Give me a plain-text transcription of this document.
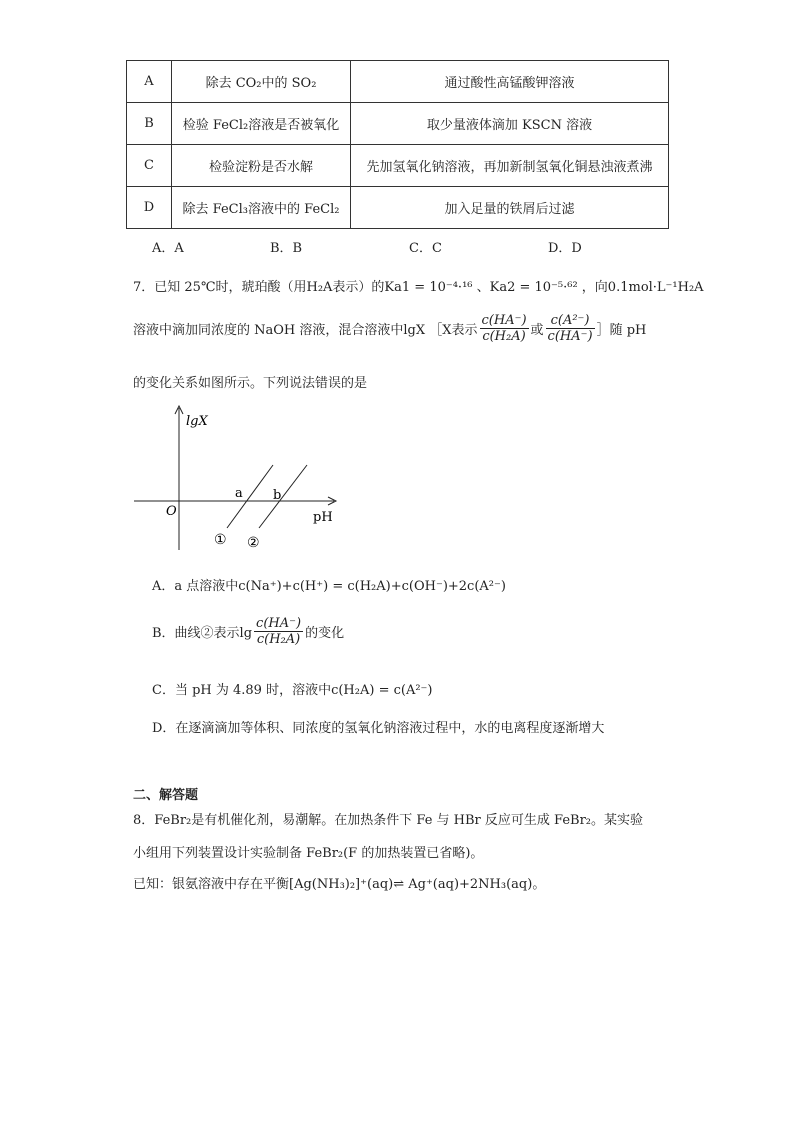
A	除去 CO₂中的 SO₂	通过酸性高锰酸钾溶液
B	检验 FeCl₂溶液是否被氧化	取少量液体滴加 KSCN 溶液
C	检验淀粉是否水解	先加氢氧化钠溶液，再加新制氢氧化铜悬浊液煮沸
D	除去 FeCl₃溶液中的 FeCl₂	加入足量的铁屑后过滤
A．A	B．B	C．C	D．D
7．已知 25℃时，琥珀酸（用H₂A表示）的Ka1 = 10⁻⁴·¹⁶ 、Ka2 = 10⁻⁵·⁶² ，向0.1mol·L⁻¹H₂A
溶液中滴加同浓度的 NaOH 溶液，混合溶液中lgX ［X表示 $\frac{c(HA^-)}{\text{c(H₂A)}}$ 或 $\frac{\text{c(A²⁻)}}{c(HA^-)}$ ］随 pH
的变化关系如图所示。下列说法错误的是
lgX
pH
O
a b
① ②
A．a 点溶液中c(Na⁺)+c(H⁺) = c(H₂A)+c(OH⁻)+2c(A²⁻)
B．曲线②表示$\lg \frac{c(HA^-)}{\text{c(H₂A)}}$ 的变化
C．当 pH 为 4.89 时，溶液中c(H₂A) = c(A²⁻)
D．在逐滴滴加等体积、同浓度的氢氧化钠溶液过程中，水的电离程度逐渐增大
二、解答题
8．FeBr₂是有机催化剂，易潮解。在加热条件下 Fe 与 HBr 反应可生成 FeBr₂。某实验
小组用下列装置设计实验制备 FeBr₂(F 的加热装置已省略)。
已知：银氨溶液中存在平衡[Ag(NH₃)₂]⁺(aq)⇌ Ag⁺(aq)+2NH₃(aq)。
